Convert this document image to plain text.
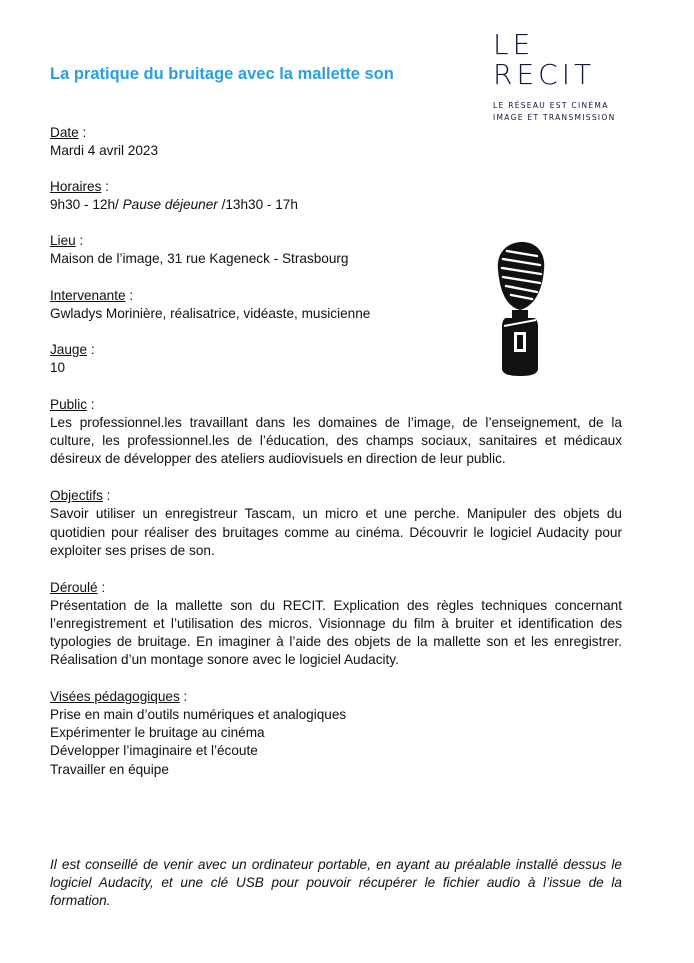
LE RECIT
LE RÉSEAU EST CINÉMA
IMAGE ET TRANSMISSION
La pratique du bruitage avec la mallette son
Date :
Mardi 4 avril 2023
Horaires :
9h30 - 12h/ Pause déjeuner /13h30 - 17h
Lieu :
Maison de l’image, 31 rue Kageneck - Strasbourg
Intervenante :
Gwladys Morinière, réalisatrice, vidéaste, musicienne
Jauge :
10
Public :
Les professionnel.les travaillant dans les domaines de l’image, de l’enseignement, de la culture, les professionnel.les de l’éducation, des champs sociaux, sanitaires et médicaux désireux de développer des ateliers audiovisuels en direction de leur public.
Objectifs :
Savoir utiliser un enregistreur Tascam, un micro et une perche. Manipuler des objets du quotidien pour réaliser des bruitages comme au cinéma. Découvrir le logiciel Audacity pour exploiter ses prises de son.
Déroulé :
Présentation de la mallette son du RECIT. Explication des règles techniques concernant l’enregistrement et l’utilisation des micros. Visionnage du film à bruiter et identification des typologies de bruitage. En imaginer à l’aide des objets de la mallette son et les enregistrer. Réalisation d’un montage sonore avec le logiciel Audacity.
Visées pédagogiques :
Prise en main d’outils numériques et analogiques
Expérimenter le bruitage au cinéma
Développer l’imaginaire et l’écoute
Travailler en équipe
Il est conseillé de venir avec un ordinateur portable, en ayant au préalable installé dessus le logiciel Audacity, et une clé USB pour pouvoir récupérer le fichier audio à l’issue de la formation.
